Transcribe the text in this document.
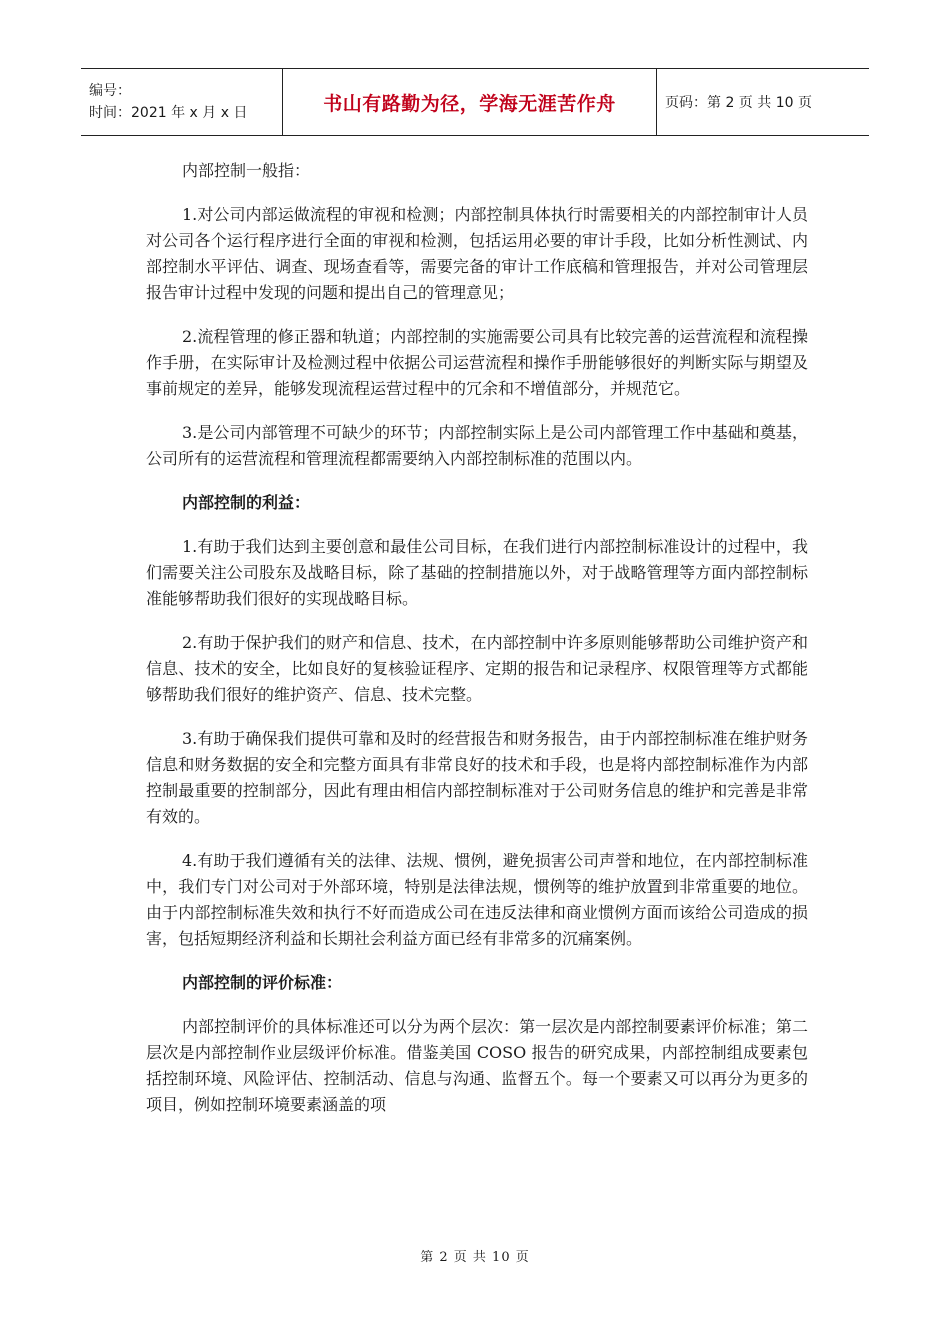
编号：
时间：2021 年 x 月 x 日	书山有路勤为径，学海无涯苦作舟	页码：第 2 页 共 10 页

内部控制一般指：

1.对公司内部运做流程的审视和检测；内部控制具体执行时需要相关的内部控制审计人员对公司各个运行程序进行全面的审视和检测，包括运用必要的审计手段，比如分析性测试、内部控制水平评估、调查、现场查看等，需要完备的审计工作底稿和管理报告，并对公司管理层报告审计过程中发现的问题和提出自己的管理意见；

2.流程管理的修正器和轨道；内部控制的实施需要公司具有比较完善的运营流程和流程操作手册，在实际审计及检测过程中依据公司运营流程和操作手册能够很好的判断实际与期望及事前规定的差异，能够发现流程运营过程中的冗余和不增值部分，并规范它。

3.是公司内部管理不可缺少的环节；内部控制实际上是公司内部管理工作中基础和奠基，公司所有的运营流程和管理流程都需要纳入内部控制标准的范围以内。

内部控制的利益：

1.有助于我们达到主要创意和最佳公司目标，在我们进行内部控制标准设计的过程中，我们需要关注公司股东及战略目标，除了基础的控制措施以外，对于战略管理等方面内部控制标准能够帮助我们很好的实现战略目标。

2.有助于保护我们的财产和信息、技术，在内部控制中许多原则能够帮助公司维护资产和信息、技术的安全，比如良好的复核验证程序、定期的报告和记录程序、权限管理等方式都能够帮助我们很好的维护资产、信息、技术完整。

3.有助于确保我们提供可靠和及时的经营报告和财务报告，由于内部控制标准在维护财务信息和财务数据的安全和完整方面具有非常良好的技术和手段，也是将内部控制标准作为内部控制最重要的控制部分，因此有理由相信内部控制标准对于公司财务信息的维护和完善是非常有效的。

4.有助于我们遵循有关的法律、法规、惯例，避免损害公司声誉和地位，在内部控制标准中，我们专门对公司对于外部环境，特别是法律法规，惯例等的维护放置到非常重要的地位。由于内部控制标准失效和执行不好而造成公司在违反法律和商业惯例方面而该给公司造成的损害，包括短期经济利益和长期社会利益方面已经有非常多的沉痛案例。

内部控制的评价标准：

内部控制评价的具体标准还可以分为两个层次：第一层次是内部控制要素评价标准；第二层次是内部控制作业层级评价标准。借鉴美国 COSO 报告的研究成果，内部控制组成要素包括控制环境、风险评估、控制活动、信息与沟通、监督五个。每一个要素又可以再分为更多的项目，例如控制环境要素涵盖的项

第 2 页 共 10 页
